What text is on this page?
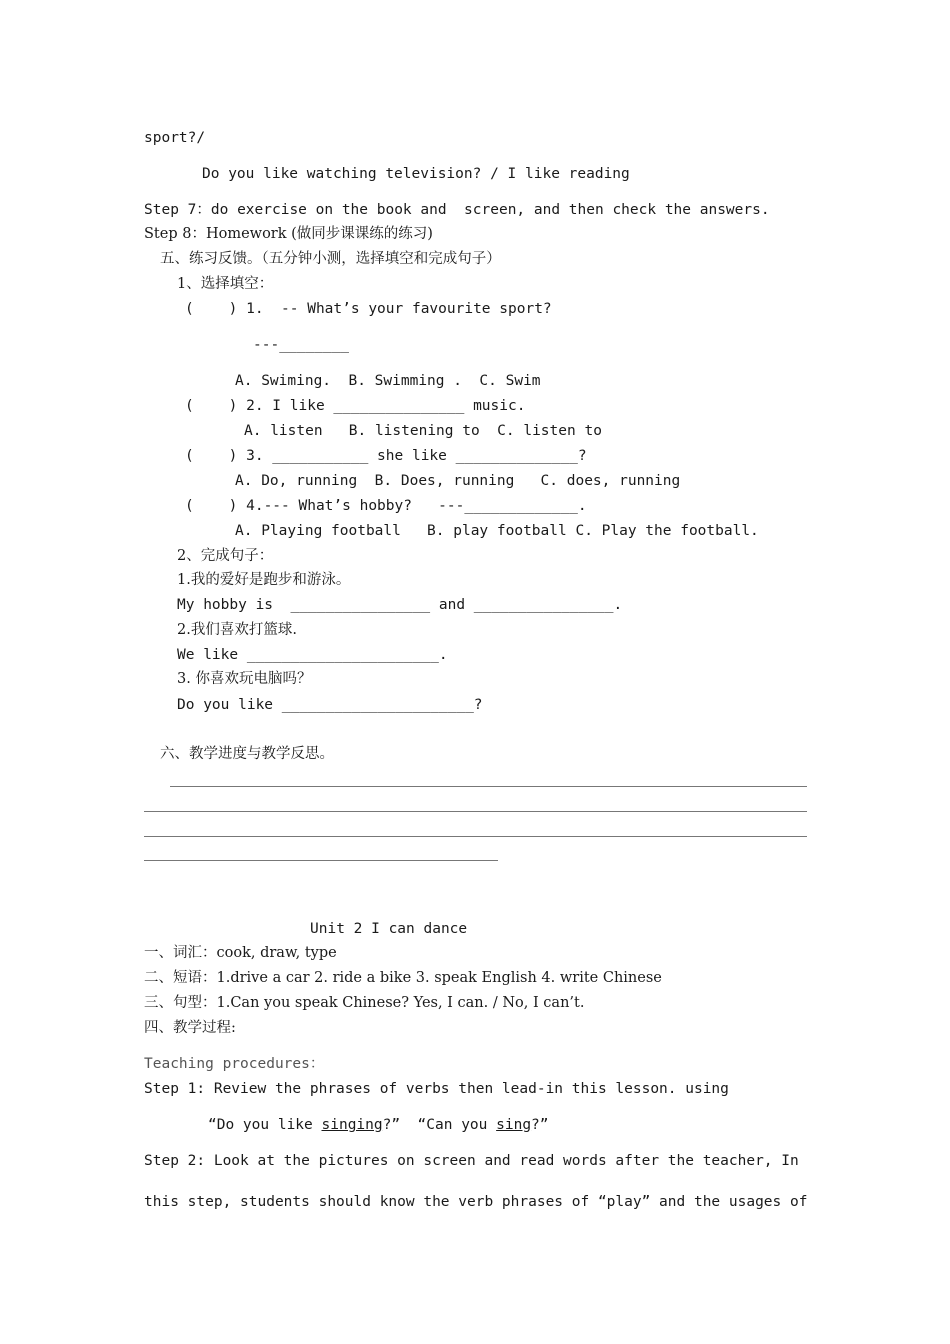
sport?/
Do you like watching television? / I like reading
Step 7：do exercise on the book and  screen, and then check the answers.
Step 8：Homework (做同步课课练的练习)
五、练习反馈。（五分钟小测，选择填空和完成句子）
1、选择填空：
(    ) 1.  -- What’s your favourite sport?
---________
A. Swiming.  B. Swimming .  C. Swim
(    ) 2. I like _______________ music.
A. listen   B. listening to  C. listen to
(    ) 3. ___________ she like ______________?
A. Do, running  B. Does, running   C. does, running
(    ) 4.--- What’s hobby?   ---_____________.
A. Playing football   B. play football C. Play the football.
2、完成句子：
1.我的爱好是跑步和游泳。
My hobby is  ________________ and ________________.
2.我们喜欢打篮球.
We like ______________________.
3. 你喜欢玩电脑吗？
Do you like ______________________?
六、教学进度与教学反思。
Unit 2 I can dance
一、词汇：cook, draw, type
二、短语：1.drive a car 2. ride a bike 3. speak English 4. write Chinese
三、句型：1.Can you speak Chinese? Yes, I can. / No, I can’t.
四、教学过程:
Teaching procedures：
Step 1: Review the phrases of verbs then lead-in this lesson. using
“Do you like singing?” “Can you sing?”
Step 2: Look at the pictures on screen and read words after the teacher, In
this step, students should know the verb phrases of “play” and the usages of
